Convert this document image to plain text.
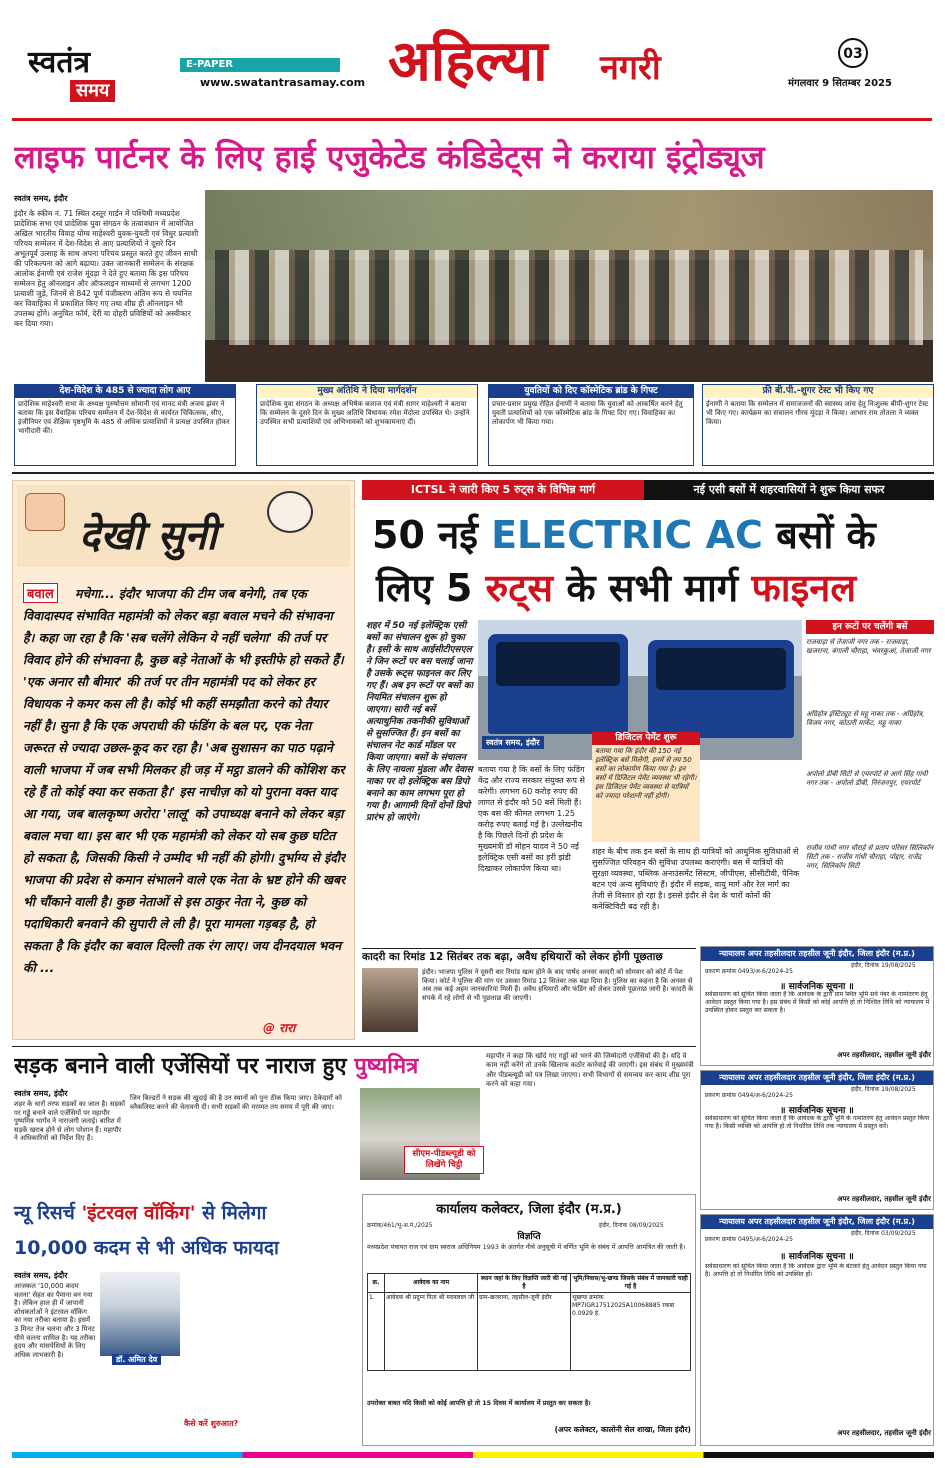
स्वतंत्र
समय
E-PAPER
www.swatantrasamay.com अहिल्या नगरी	03
मंगलवार 9 सितम्बर 2025
लाइफ पार्टनर के लिए हाई एजुकेटेड कंडिडेट्स ने कराया इंट्रोड्यूज
स्वतंत्र समय, इंदौर
इंदौर के स्कीम नं. 71 स्थित दस्तूर गार्डन में पश्चिमी मध्यप्रदेश प्रादेशिक सभा एवं प्रादेशिक युवा संगठन के तत्वावधान में आयोजित अखिल भारतीय विवाह योग्य माहेश्वरी युवक-युवती एवं विधुर प्रत्याशी परिचय सम्मेलन में देश-विदेश से आए प्रत्याशियों ने दूसरे दिन अभूतपूर्व उत्साह के साथ अपना परिचय प्रस्तुत करते हुए जीवन साथी की परिकल्पना को आगे बढ़ाया। उक्त जानकारी सम्मेलन के संरक्षक आलोक ईनाणी एवं राजेश मूंदड़ा ने देते हुए बताया कि इस परिचय सम्मेलन हेतु ऑनलाइन और ऑफलाइन माध्यमों से लगभग 1200 प्रत्याशी जुड़े, जिनमें से 842 पूर्ण पंजीकरण अंतिम रूप से चयनित कर विवाहिका में प्रकाशित किए गए तथा शीघ्र ही ऑनलाइन भी उपलब्ध होंगे। अनुचित फॉर्म, देरी या दोहरी प्रविष्टियों को अस्वीकार कर दिया गया।
देश-विदेश के 485 से ज्यादा लोग आए
प्रादेशिक माहेश्वरी सभा के अध्यक्ष पुरुषोत्तम सोमानी एवं मानद मंत्री अजय झंवर ने बताया कि इस वैवाहिक परिचय सम्मेलन में देश-विदेश से कार्यरत चिकित्सक, सीए, इंजीनियर एवं शैक्षिक पृष्ठभूमि के 485 से अधिक प्रत्याशियों ने प्रत्यक्ष उपस्थित होकर भागीदारी की।
मुख्य अतिथि ने दिया मार्गदर्शन
प्रादेशिक युवा संगठन के अध्यक्ष अभिषेक बजाज एवं मंत्री सागर माहेश्वरी ने बताया कि सम्मेलन के दूसरे दिन के मुख्य अतिथि विधायक रमेश मेंदोला उपस्थित थे। उन्होंने उपस्थित सभी प्रत्याशियों एवं अभिभावकों को शुभकामनाएं दीं।
युवतियों को दिए कॉस्मेटिक ब्रांड के गिफ्ट
प्रचार-प्रसार प्रमुख रोहित ईनाणी ने बताया कि युवाओं को आकर्षित करने हेतु युवती प्रत्याशियों को एक कॉस्मेटिक ब्रांड के गिफ्ट दिए गए। विवाहिका का लोकार्पण भी किया गया।
फ्री बी.पी.-शुगर टेस्ट भी किए गए
ईनाणी ने बताया कि सम्मेलन में समाजजनों की स्वास्थ्य जांच हेतु निःशुल्क बीपी-शुगर टेस्ट भी किए गए। कार्यक्रम का संचालन गौरव मूंदड़ा ने किया। आभार राम तोतला ने व्यक्त किया।
देखी सुनी
बवाल	मचेगा... इंदौर भाजपा की टीम जब बनेगी, तब एक विवादास्पद संभावित महामंत्री को लेकर बड़ा बवाल मचने की संभावना है। कहा जा रहा है कि 'सब चलेंगे लेकिन ये नहीं चलेगा' की तर्ज पर विवाद होने की संभावना है, कुछ बड़े नेताओं के भी इस्तीफे हो सकते हैं। 'एक अनार सौ बीमार' की तर्ज पर तीन महामंत्री पद को लेकर हर विधायक ने कमर कस ली है। कोई भी कहीं समझौता करने को तैयार नहीं है। सुना है कि एक अपराधी की फंडिंग के बल पर, एक नेता जरूरत से ज्यादा उछल-कूद कर रहा है। 'अब सुशासन का पाठ पढ़ाने वाली भाजपा में जब सभी मिलकर ही जड़ में मट्ठा डालने की कोशिश कर रहे हैं तो कोई क्या कर सकता है।' इस नाचीज़ को यो पुराना वक्त याद आ गया, जब बालकृष्ण अरोरा 'लालू' को उपाध्यक्ष बनाने को लेकर बड़ा बवाल मचा था। इस बार भी एक महामंत्री को लेकर यो सब कुछ घटित हो सकता है, जिसकी किसी ने उम्मीद भी नहीं की होगी। दुर्भाग्य से इंदौर भाजपा की प्रदेश से कमान संभालने वाले एक नेता के भ्रष्ट होने की खबर भी चौंकाने वाली है। कुछ नेताओं से इस ठाकुर नेता ने, कुछ को पदाधिकारी बनवाने की सुपारी ले ली है। पूरा मामला गड़बड़ है, हो सकता है कि इंदौर का बवाल दिल्ली तक रंग लाए। जय दीनदयाल भवन की ...
@ रारा
ICTSL ने जारी किए 5 रुट्स के विभिन्न मार्ग	नई एसी बसों में शहरवासियों ने शुरू किया सफर
50 नई ELECTRIC AC बसों के
लिए 5 रुट्स के सभी मार्ग फाइनल
शहर में 50 नई इलेक्ट्रिक एसी बसों का संचालन शुरू हो चुका है। इसी के साथ आईसीटीएसएल ने जिन रूटों पर बस चलाई जाना है उसके रूट्स फाइनल कर लिए गए हैं। अब इन रूटों पर बसों का नियमित संचालन शुरू हो जाएगा। सारी नई बसें अत्याधुनिक तकनीकी सुविधाओं से सुसज्जित हैं। इन बसों का संचालन नेट कार्ड मॉडल पर किया जाएगा। बसों के संचालन के लिए नायला मुंडला और देवास नाका पर दो इलेक्ट्रिक बस डिपो बनाने का काम लगभग पूरा हो गया है। आगामी दिनों दोनों डिपो प्रारंभ हो जाएंगे।
स्वतंत्र समय, इंदौर
बताया गया है कि बसों के लिए फंडिंग केंद्र और राज्य सरकार संयुक्त रूप से करेगी। लगभग 60 करोड़ रुपए की लागत से इंदौर को 50 बसें मिली हैं। एक बस की कीमत लगभग 1.25 करोड़ रुपए बताई गई है। उल्लेखनीय है कि पिछले दिनों ही प्रदेश के मुख्यमंत्री डॉ मोहन यादव ने 50 नई इलेक्ट्रिक एसी बसों का हरी झंडी दिखाकर लोकार्पण किया था।
डिजिटल पेमेंट शुरू
बताया गया कि इंदौर की 150 नई इलेक्ट्रिक बसें मिलेंगी, इनमें से तय 50 बसों का लोकार्पण किया गया है। इन बसों में डिजिटल पेमेंट व्यवस्था भी रहेगी। इस डिजिटल पेमेंट व्यवस्था से यात्रियों को ज्यादा परेशानी नहीं होगी।
शहर के बीच तक इन बसों के साथ ही यात्रियों को आधुनिक सुविधाओं से सुसज्जित परिवहन की सुविधा उपलब्ध कराएंगी। बस में यात्रियों की सुरक्षा व्यवस्था, पब्लिक अनाउंसमेंट सिस्टम, जीपीएस, सीसीटीवी, पैनिक बटन एवं अन्य सुविधाएं हैं। इंदौर में सड़क, वायु मार्ग और रेल मार्ग का तेजी से विस्तार हो रहा है। इससे इंदौर से देश के चारों कोनों की कनेक्टिविटी बढ़ रही है।
इन रूटों पर चलेंगी बसें
राजवाड़ा से तेजाजी नगर तक - राजवाड़ा, खजराना, बंगाली चौराहा, भंवरकुआं, तेजाजी नगर
अग्रिहोत्र इंस्टिट्यूट से महू नाका तक - अग्रिहोत्र, विजय नगर, कोठारी मार्केट, महू नाका
अपोलो डीबी सिटी से एयरपोर्ट से आगे सिंह गांधी नगर तक - अपोलो डीबी, निरंजनपुर, एयरपोर्ट
राजीव गांधी नगर चौराहे से प्रताप परिसर सिलिकॉन सिटी तक - राजीव गांधी चौराहा, पोद्दार, राजेंद्र नगर, सिलिकॉन सिटी
कादरी का रिमांड 12 सितंबर तक बढ़ा, अवैध हथियारों को लेकर होगी पूछताछ
इंदौर। भाजपा पुलिस ने दूसरी बार रिमांड खत्म होने के बाद पार्षद अनवर कादरी को सोमवार को कोर्ट में पेश किया। कोर्ट ने पुलिस की मांग पर उसका रिमांड 12 सितंबर तक बढ़ा दिया है। पुलिस का कहना है कि अनवर से अब तक कई अहम जानकारियां मिली हैं। अवैध हथियारों और फंडिंग को लेकर उससे पूछताछ जारी है। कादरी के संपर्क में रहे लोगों से भी पूछताछ की जाएगी।
न्यायालय अपर तहसीलदार तहसील जूनी इंदौर, जिला इंदौर (म.प्र.)
प्रकरण क्रमांक 0493/अ-6/2024-25
इंदौर, दिनांक 19/08/2025
॥ सार्वजनिक सूचना ॥
सर्वसाधारण को सूचित किया जाता है कि आवेदक के द्वारा ग्राम स्थित भूमि सर्वे नंबर के नामांतरण हेतु आवेदन प्रस्तुत किया गया है। इस संबंध में किसी को कोई आपत्ति हो तो निश्चित तिथि को न्यायालय में उपस्थित होकर प्रस्तुत कर सकता है।
अपर तहसीलदार, तहसील जूनी इंदौर
न्यायालय अपर तहसीलदार तहसील जूनी इंदौर, जिला इंदौर (म.प्र.)
प्रकरण क्रमांक 0494/अ-6/2024-25
इंदौर, दिनांक 19/08/2025
॥ सार्वजनिक सूचना ॥
सर्वसाधारण को सूचित किया जाता है कि आवेदक के द्वारा भूमि के नामांतरण हेतु आवेदन प्रस्तुत किया गया है। किसी व्यक्ति को आपत्ति हो तो निर्धारित तिथि तक न्यायालय में प्रस्तुत करें।
अपर तहसीलदार, तहसील जूनी इंदौर
न्यायालय अपर तहसीलदार तहसील जूनी इंदौर, जिला इंदौर (म.प्र.)
प्रकरण क्रमांक 0495/अ-6/2024-25
इंदौर, दिनांक 03/09/2025
॥ सार्वजनिक सूचना ॥
सर्वसाधारण को सूचित किया जाता है कि आवेदक द्वारा भूमि के बंटवारे हेतु आवेदन प्रस्तुत किया गया है। आपत्ति हो तो निर्धारित तिथि को उपस्थित हों।
अपर तहसीलदार, तहसील जूनी इंदौर
सड़क बनाने वाली एजेंसियों पर नाराज हुए पुष्यमित्र
स्वतंत्र समय, इंदौर
शहर के चारों तरफ सड़कों का जाल है। सड़कों पर गड्ढे बनाने वाले एजेंसियों पर महापौर पुष्यमित्र भार्गव ने नाराजगी जताई। बारिश में सड़कें खराब होने से लोग परेशान हैं। महापौर ने अधिकारियों को निर्देश दिए हैं।
जिन बिल्डरों ने सड़क की खुदाई की है उन स्थानों को पुनः ठीक किया जाए। ठेकेदारों को ब्लैकलिस्ट करने की चेतावनी दी। सभी सड़कों की मरम्मत तय समय में पूरी की जाए।
सीएम-पीडब्ल्यूडी को लिखेंगे चिट्ठी
महापौर ने कहा कि खोदे गए गड्ढों को भरने की जिम्मेदारी एजेंसियों की है। यदि वे काम नहीं करेंगे तो उनके खिलाफ कठोर कार्रवाई की जाएगी। इस संबंध में मुख्यमंत्री और पीडब्ल्यूडी को पत्र लिखा जाएगा। सभी विभागों से समन्वय कर काम शीघ्र पूरा करने को कहा गया।
न्यू रिसर्च 'इंटरवल वॉकिंग' से मिलेगा
10,000 कदम से भी अधिक फायदा
स्वतंत्र समय, इंदौर
आजकल '10,000 कदम चलना' सेहत का पैमाना बन गया है। लेकिन हाल ही में जापानी शोधकर्ताओं ने इंटरवल वॉकिंग का नया तरीका बताया है। इसमें 3 मिनट तेज चलना और 3 मिनट धीमे चलना शामिल है। यह तरीका हृदय और मांसपेशियों के लिए अधिक लाभकारी है।
डॉ. अमित देव
कैसे करें शुरुआत?
कार्यालय कलेक्टर, जिला इंदौर (म.प्र.)
क्रमांक/461/भू-अ.मं./2025	इंदौर, दिनांक 08/09/2025
विज्ञप्ति
मध्यप्रदेश पंचायत राज एवं ग्राम स्वराज अधिनियम 1993 के अंतर्गत नीचे अनुसूची में वर्णित भूमि के संबंध में आपत्ति आमंत्रित की जाती है।
क्र.	आवेदक का नाम	स्थान जहां के लिए विज्ञप्ति जारी की गई है	भूमि/निवास/भू-खण्ड जिसके संबंध में जानकारी चाही गई है
1.	आवेदक श्री प्रदुम्न पिता श्री मदनलाल जी	ग्राम-खजराना, तहसील-जूनी इंदौर	भूखण्ड क्रमांक MP7IGR17512025A10068885 रकबा 0.0929 हे.
उपरोक्त बाबत यदि किसी को कोई आपत्ति हो तो 15 दिवस में कार्यालय में प्रस्तुत कर सकता है।
(अपर कलेक्टर, कालोनी सेल शाखा, जिला इंदौर)
